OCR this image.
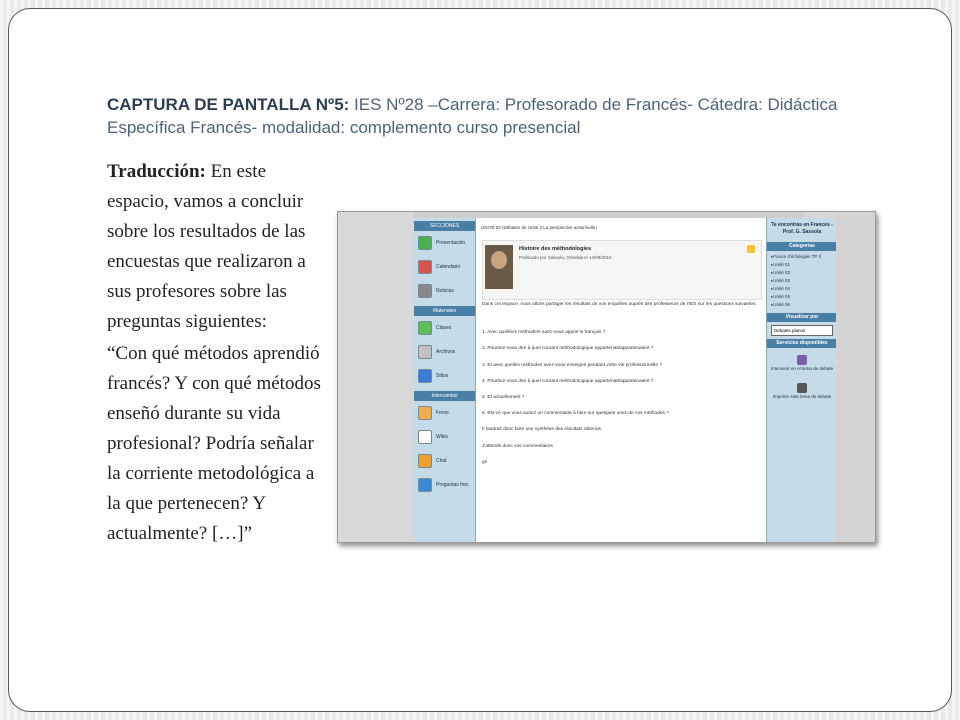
CAPTURA DE PANTALLA Nº5: IES Nº28 –Carrera: Profesorado de Francés- Cátedra: Didáctica Específica Francés- modalidad: complemento curso presencial

Traducción: En este espacio, vamos a concluir sobre los resultados de las encuestas que realizaron a sus profesores sobre las preguntas siguientes:

“Con qué métodos aprendió francés? Y con qué métodos enseñó durante su vida profesional? Podría señalar la corriente metodológica a la que pertenecen? Y actualmente? […]”

SECCIONES
Presentación
Calendario
Noticias
Materiales
Clases
Archivos
Sitios
Intercambio
Foros
Wikis
Chat
Preguntas frec.
UNITÉ 03 (Débates de Unité 3 La perspective actionnelle)
Histoire des méthodologies
Publicado por Sassola, Griselda el 14/09/2010
Dans cet espace, nous allons partager les résultats de vos enquêtes auprès des professeurs de l'IES sur les questions suivantes:
1. Avec quel/le/s méthode/s avez-vous appris le français ?
2. Pourriez-vous dire à quel courant méthodologique appartenait/appartenaient ?
3. Et avec quelles méthodes avez-vous enseigné pendant votre vie professionnelle ?
4. Pourriez-vous dire à quel courant méthodologique appartenait/appartenaient ?
5. Et actuellement ?
6. Est-ce que vous auriez un commentaire à faire sur quelques unes de ces méthodes ?
Il faudrait donc faire une synthèse des résultats obtenus.
J'attends donc vos commentaires
gs
Te encontrás en Francés - Prof. G. Sassola
Categorías
▸ Forum d'échanges TP 3
▸ Unité 01
▸ Unité 02
▸ Unité 03
▸ Unité 04
▸ Unité 05
▸ Unité 06
Visualizar por
Debates planos
Servicios disponibles
Intervenir en el tema de debate
Imprimir este tema de debate
